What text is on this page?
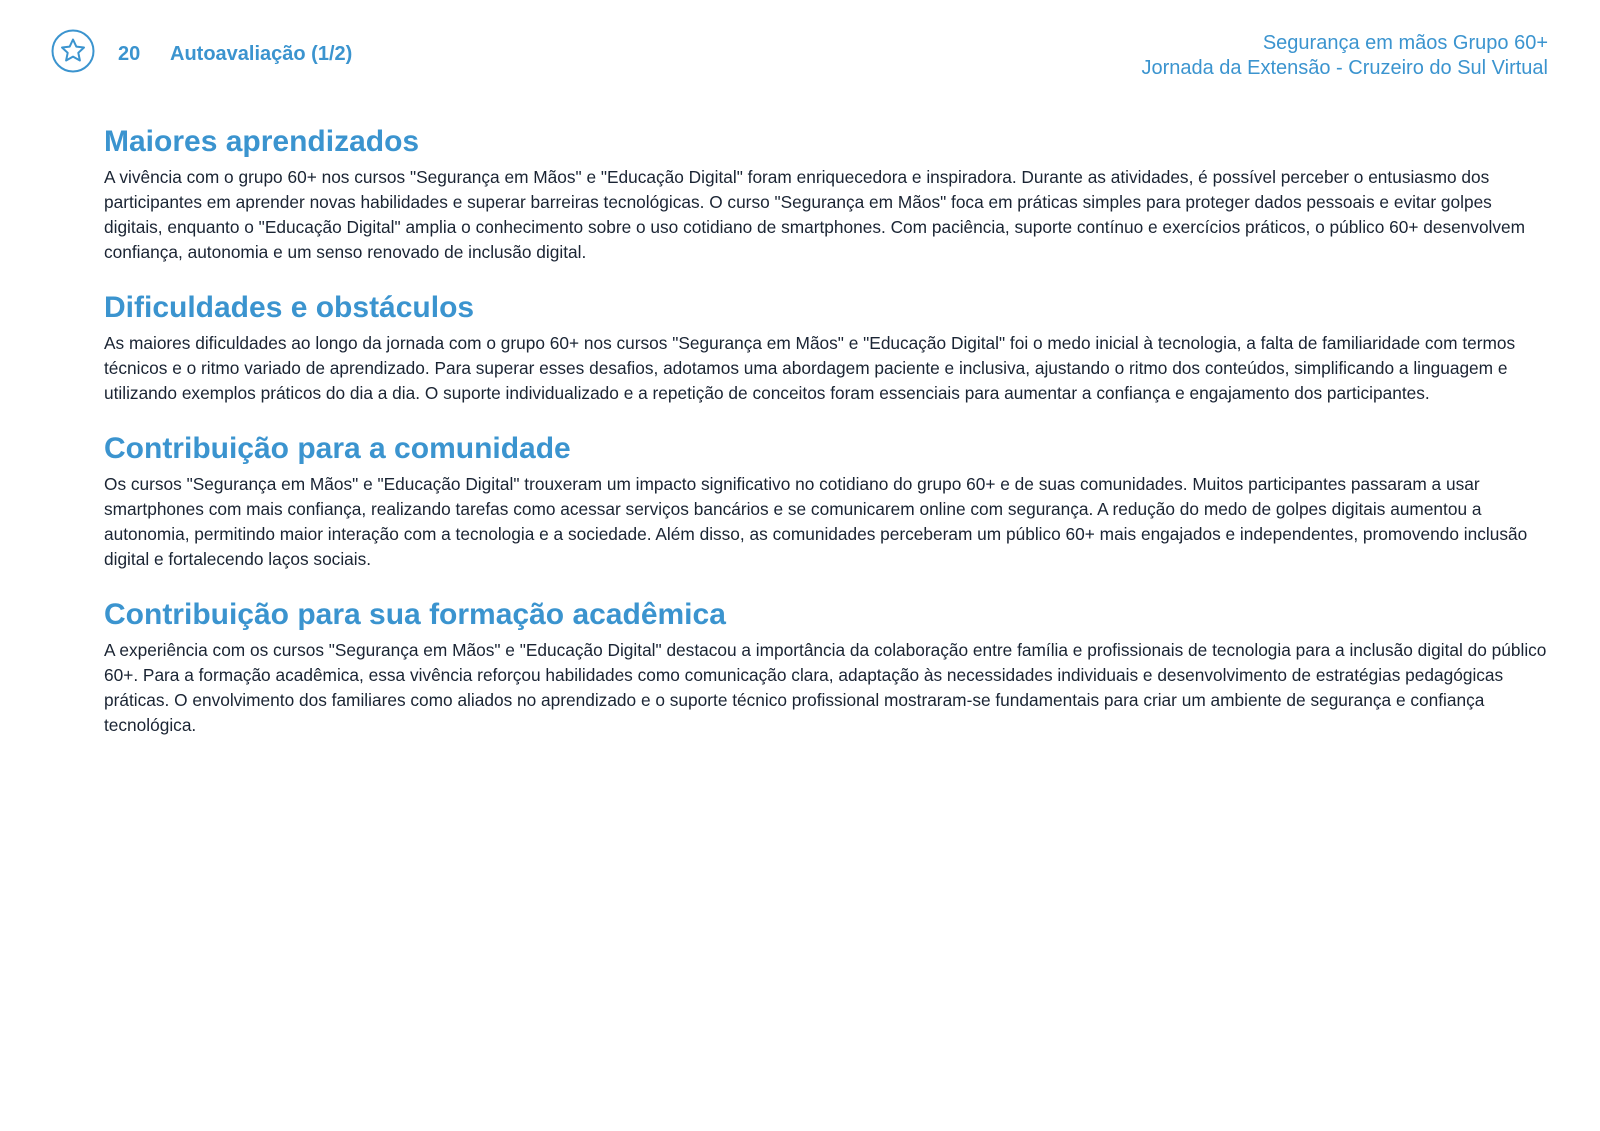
20 Autoavaliação (1/2)	Segurança em mãos Grupo 60+
Jornada da Extensão - Cruzeiro do Sul Virtual
Maiores aprendizados

A vivência com o grupo 60+ nos cursos "Segurança em Mãos" e "Educação Digital" foram enriquecedora e inspiradora. Durante as atividades, é possível perceber o entusiasmo dos participantes em aprender novas habilidades e superar barreiras tecnológicas. O curso "Segurança em Mãos" foca em práticas simples para proteger dados pessoais e evitar golpes digitais, enquanto o "Educação Digital" amplia o conhecimento sobre o uso cotidiano de smartphones. Com paciência, suporte contínuo e exercícios práticos, o público 60+ desenvolvem confiança, autonomia e um senso renovado de inclusão digital.

Dificuldades e obstáculos

As maiores dificuldades ao longo da jornada com o grupo 60+ nos cursos "Segurança em Mãos" e "Educação Digital" foi o medo inicial à tecnologia, a falta de familiaridade com termos técnicos e o ritmo variado de aprendizado. Para superar esses desafios, adotamos uma abordagem paciente e inclusiva, ajustando o ritmo dos conteúdos, simplificando a linguagem e utilizando exemplos práticos do dia a dia. O suporte individualizado e a repetição de conceitos foram essenciais para aumentar a confiança e engajamento dos participantes.

Contribuição para a comunidade

Os cursos "Segurança em Mãos" e "Educação Digital" trouxeram um impacto significativo no cotidiano do grupo 60+ e de suas comunidades. Muitos participantes passaram a usar smartphones com mais confiança, realizando tarefas como acessar serviços bancários e se comunicarem online com segurança. A redução do medo de golpes digitais aumentou a autonomia, permitindo maior interação com a tecnologia e a sociedade. Além disso, as comunidades perceberam um público 60+ mais engajados e independentes, promovendo inclusão digital e fortalecendo laços sociais.

Contribuição para sua formação acadêmica

A experiência com os cursos "Segurança em Mãos" e "Educação Digital" destacou a importância da colaboração entre família e profissionais de tecnologia para a inclusão digital do público 60+. Para a formação acadêmica, essa vivência reforçou habilidades como comunicação clara, adaptação às necessidades individuais e desenvolvimento de estratégias pedagógicas práticas. O envolvimento dos familiares como aliados no aprendizado e o suporte técnico profissional mostraram-se fundamentais para criar um ambiente de segurança e confiança tecnológica.
